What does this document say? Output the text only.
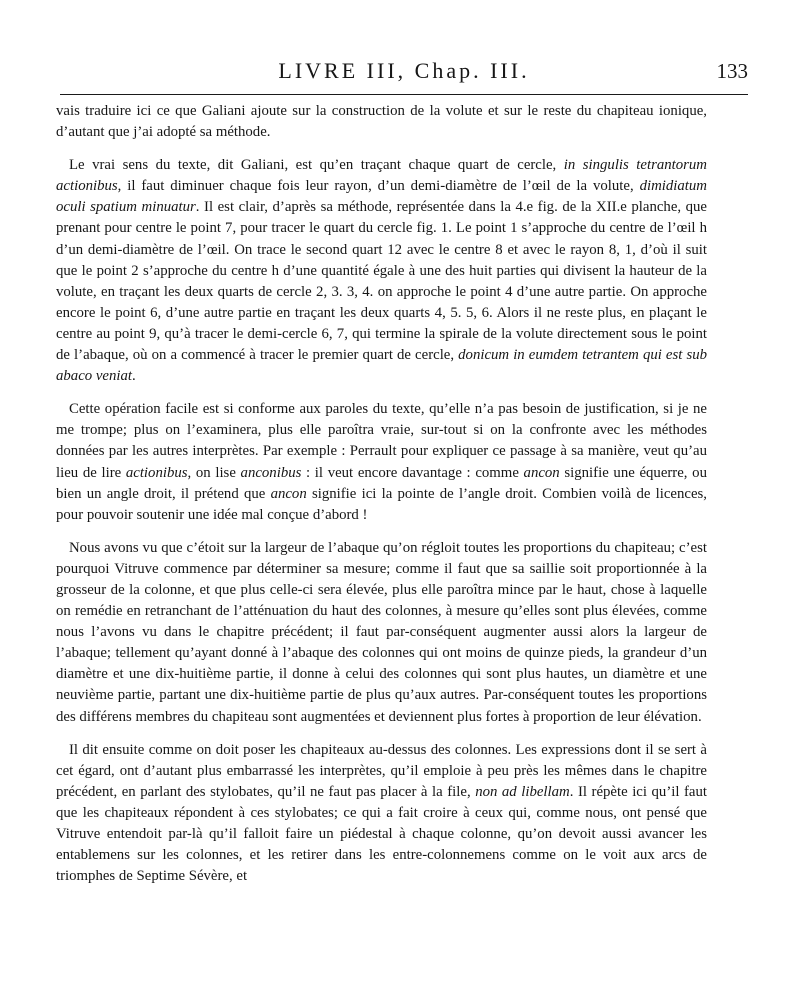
LIVRE III, Chap. III.	133

vais traduire ici ce que Galiani ajoute sur la construction de la volute et sur le reste du chapiteau ionique, d’autant que j’ai adopté sa méthode.

Le vrai sens du texte, dit Galiani, est qu’en traçant chaque quart de cercle, in singulis tetrantorum actionibus, il faut diminuer chaque fois leur rayon, d’un demi-diamètre de l’œil de la volute, dimidiatum oculi spatium minuatur. Il est clair, d’après sa méthode, représentée dans la 4.e fig. de la XII.e planche, que prenant pour centre le point 7, pour tracer le quart du cercle fig. 1. Le point 1 s’approche du centre de l’œil h d’un demi-diamètre de l’œil. On trace le second quart 12 avec le centre 8 et avec le rayon 8, 1, d’où il suit que le point 2 s’approche du centre h d’une quantité égale à une des huit parties qui divisent la hauteur de la volute, en traçant les deux quarts de cercle 2, 3. 3, 4. on approche le point 4 d’une autre partie. On approche encore le point 6, d’une autre partie en traçant les deux quarts 4, 5. 5, 6. Alors il ne reste plus, en plaçant le centre au point 9, qu’à tracer le demi-cercle 6, 7, qui termine la spirale de la volute directement sous le point de l’abaque, où on a commencé à tracer le premier quart de cercle, donicum in eumdem tetrantem qui est sub abaco veniat.

Cette opération facile est si conforme aux paroles du texte, qu’elle n’a pas besoin de justification, si je ne me trompe; plus on l’examinera, plus elle paroîtra vraie, sur-tout si on la confronte avec les méthodes données par les autres interprètes. Par exemple : Perrault pour expliquer ce passage à sa manière, veut qu’au lieu de lire actionibus, on lise anconibus : il veut encore davantage : comme ancon signifie une équerre, ou bien un angle droit, il prétend que ancon signifie ici la pointe de l’angle droit. Combien voilà de licences, pour pouvoir soutenir une idée mal conçue d’abord !

Nous avons vu que c’étoit sur la largeur de l’abaque qu’on régloit toutes les proportions du chapiteau; c’est pourquoi Vitruve commence par déterminer sa mesure; comme il faut que sa saillie soit proportionnée à la grosseur de la colonne, et que plus celle-ci sera élevée, plus elle paroîtra mince par le haut, chose à laquelle on remédie en retranchant de l’atténuation du haut des colonnes, à mesure qu’elles sont plus élevées, comme nous l’avons vu dans le chapitre précédent; il faut par-conséquent augmenter aussi alors la largeur de l’abaque; tellement qu’ayant donné à l’abaque des colonnes qui ont moins de quinze pieds, la grandeur d’un diamètre et une dix-huitième partie, il donne à celui des colonnes qui sont plus hautes, un diamètre et une neuvième partie, partant une dix-huitième partie de plus qu’aux autres. Par-conséquent toutes les proportions des différens membres du chapiteau sont augmentées et deviennent plus fortes à proportion de leur élévation.

Il dit ensuite comme on doit poser les chapiteaux au-dessus des colonnes. Les expressions dont il se sert à cet égard, ont d’autant plus embarrassé les interprètes, qu’il emploie à peu près les mêmes dans le chapitre précédent, en parlant des stylobates, qu’il ne faut pas placer à la file, non ad libellam. Il répète ici qu’il faut que les chapiteaux répondent à ces stylobates; ce qui a fait croire à ceux qui, comme nous, ont pensé que Vitruve entendoit par-là qu’il falloit faire un piédestal à chaque colonne, qu’on devoit aussi avancer les entablemens sur les colonnes, et les retirer dans les entre-colonnemens comme on le voit aux arcs de triomphes de Septime Sévère, et
